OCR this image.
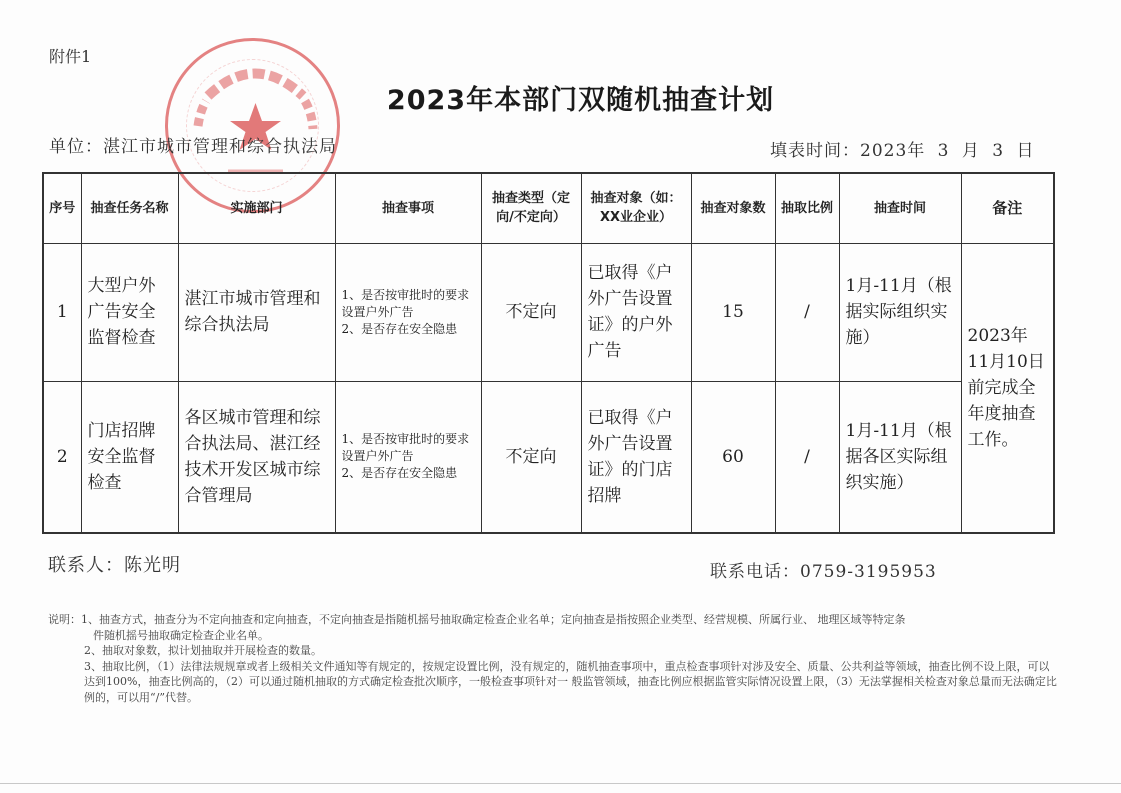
附件1
2023年本部门双随机抽查计划
单位：湛江市城市管理和综合执法局	填表时间：2023年 3 月 3 日
序号	抽查任务名称	实施部门	抽查事项	抽查类型（定向/不定向）	抽查对象（如：XX业企业）	抽查对象数	抽取比例	抽查时间	备注
1	大型户外广告安全监督检查	湛江市城市管理和综合执法局	1、是否按审批时的要求设置户外广告
2、是否存在安全隐患	不定向	已取得《户外广告设置证》的户外广告	15	/	1月-11月（根据实际组织实施）	2023年11月10日前完成全年度抽查工作。
2	门店招牌安全监督检查	各区城市管理和综合执法局、湛江经技术开发区城市综合管理局	1、是否按审批时的要求设置户外广告
2、是否存在安全隐患	不定向	已取得《户外广告设置证》的门店招牌	60	/	1月-11月（根据各区实际组织实施）	
联系人：陈光明	联系电话：0759-3195953

说明：1、抽查方式，抽查分为不定向抽查和定向抽查，不定向抽查是指随机摇号抽取确定检查企业名单；定向抽查是指按照企业类型、经营规模、所属行业、 地理区域等特定条

件随机摇号抽取确定检查企业名单。

2、抽取对象数，拟计划抽取并开展检查的数量。

3、抽取比例，（1）法律法规规章或者上级相关文件通知等有规定的，按规定设置比例，没有规定的，随机抽查事项中，重点检查事项针对涉及安全、质量、公共利益等领域，抽查比例不设上限，可以达到100%，抽查比例高的，（2）可以通过随机抽取的方式确定检查批次顺序，一般检查事项针对一 般监管领域，抽查比例应根据监管实际情况设置上限，（3）无法掌握相关检查对象总量而无法确定比例的，可以用“/”代替。
